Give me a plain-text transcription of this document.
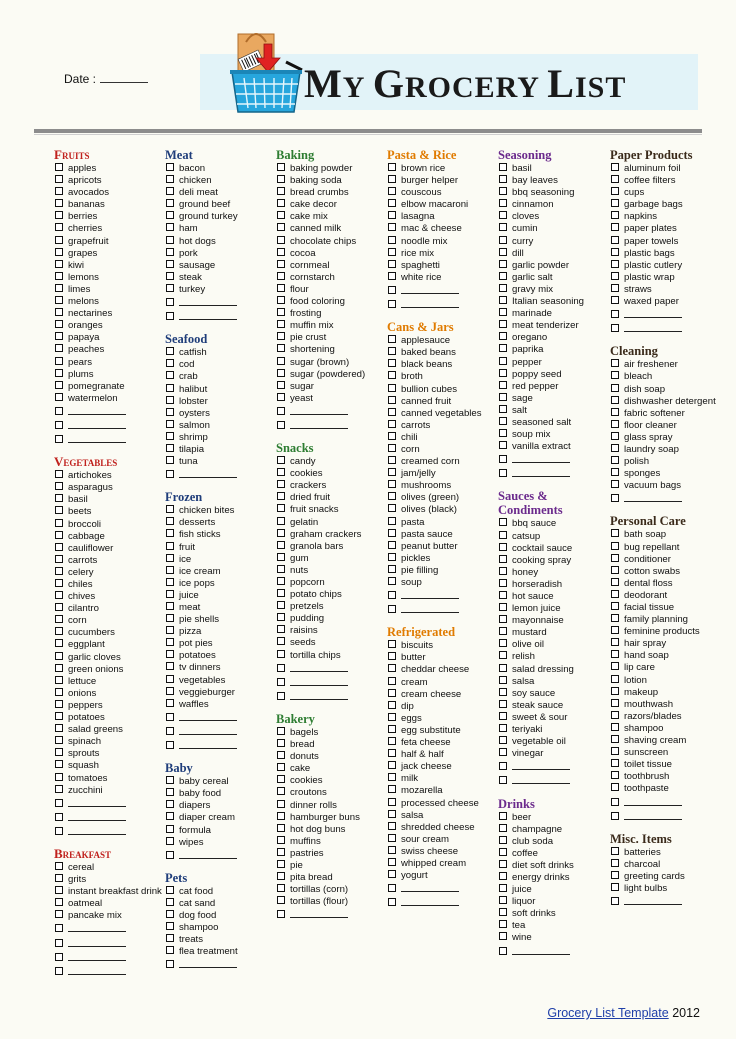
Date :	MY GROCERY LIST
Fruits
apples
apricots
avocados
bananas
berries
cherries
grapefruit
grapes
kiwi
lemons
limes
melons
nectarines
oranges
papaya
peaches
pears
plums
pomegranate
watermelon
Vegetables
artichokes
asparagus
basil
beets
broccoli
cabbage
cauliflower
carrots
celery
chiles
chives
cilantro
corn
cucumbers
eggplant
garlic cloves
green onions
lettuce
onions
peppers
potatoes
salad greens
spinach
sprouts
squash
tomatoes
zucchini
Breakfast
cereal
grits
instant breakfast drink
oatmeal
pancake mix
Meat
bacon
chicken
deli meat
ground beef
ground turkey
ham
hot dogs
pork
sausage
steak
turkey
Seafood
catfish
cod
crab
halibut
lobster
oysters
salmon
shrimp
tilapia
tuna
Frozen
chicken bites
desserts
fish sticks
fruit
ice
ice cream
ice pops
juice
meat
pie shells
pizza
pot pies
potatoes
tv dinners
vegetables
veggieburger
waffles
Baby
baby cereal
baby food
diapers
diaper cream
formula
wipes
Pets
cat food
cat sand
dog food
shampoo
treats
flea treatment
Baking
baking powder
baking soda
bread crumbs
cake decor
cake mix
canned milk
chocolate chips
cocoa
cornmeal
cornstarch
flour
food coloring
frosting
muffin mix
pie crust
shortening
sugar (brown)
sugar (powdered)
sugar
yeast
Snacks
candy
cookies
crackers
dried fruit
fruit snacks
gelatin
graham crackers
granola bars
gum
nuts
popcorn
potato chips
pretzels
pudding
raisins
seeds
tortilla chips
Bakery
bagels
bread
donuts
cake
cookies
croutons
dinner rolls
hamburger buns
hot dog buns
muffins
pastries
pie
pita bread
tortillas (corn)
tortillas (flour)
Pasta & Rice
brown rice
burger helper
couscous
elbow macaroni
lasagna
mac & cheese
noodle mix
rice mix
spaghetti
white rice
Cans & Jars
applesauce
baked beans
black beans
broth
bullion cubes
canned fruit
canned vegetables
carrots
chili
corn
creamed corn
jam/jelly
mushrooms
olives (green)
olives (black)
pasta
pasta sauce
peanut butter
pickles
pie filling
soup
Refrigerated
biscuits
butter
cheddar cheese
cream
cream cheese
dip
eggs
egg substitute
feta cheese
half & half
jack cheese
milk
mozarella
processed cheese
salsa
shredded cheese
sour cream
swiss cheese
whipped cream
yogurt
Seasoning
basil
bay leaves
bbq seasoning
cinnamon
cloves
cumin
curry
dill
garlic powder
garlic salt
gravy mix
Italian seasoning
marinade
meat tenderizer
oregano
paprika
pepper
poppy seed
red pepper
sage
salt
seasoned salt
soup mix
vanilla extract
Sauces & Condiments
bbq sauce
catsup
cocktail sauce
cooking spray
honey
horseradish
hot sauce
lemon juice
mayonnaise
mustard
olive oil
relish
salad dressing
salsa
soy sauce
steak sauce
sweet & sour
teriyaki
vegetable oil
vinegar
Drinks
beer
champagne
club soda
coffee
diet soft drinks
energy drinks
juice
liquor
soft drinks
tea
wine
Paper Products
aluminum foil
coffee filters
cups
garbage bags
napkins
paper plates
paper towels
plastic bags
plastic cutlery
plastic wrap
straws
waxed paper
Cleaning
air freshener
bleach
dish soap
dishwasher detergent
fabric softener
floor cleaner
glass spray
laundry soap
polish
sponges
vacuum bags
Personal Care
bath soap
bug repellant
conditioner
cotton swabs
dental floss
deodorant
facial tissue
family planning
feminine products
hair spray
hand soap
lip care
lotion
makeup
mouthwash
razors/blades
shampoo
shaving cream
sunscreen
toilet tissue
toothbrush
toothpaste
Misc. Items
batteries
charcoal
greeting cards
light bulbs
Grocery List Template 2012
